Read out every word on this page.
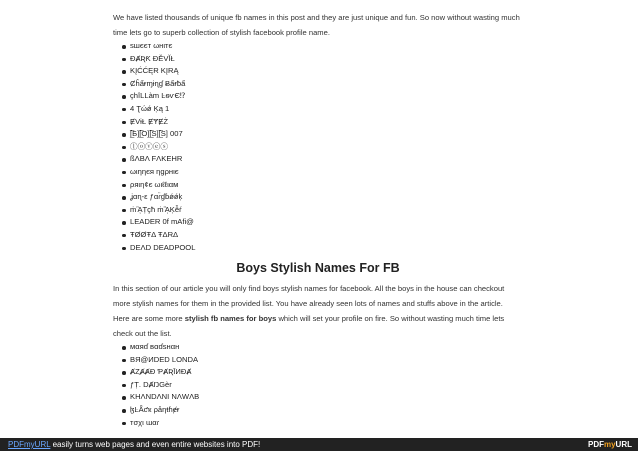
We have listed thousands of unique fb names in this post and they are just unique and fun. So now without wasting much time lets go to superb collection of stylish facebook profile name.

ѕшєєт ωнιтє
ĐȺƦƘ ĐĔVĬŁ
KĮĆĆĘR KĮRĄ
Ȼĥẩɍɱɨɳɠ Ƀẩɍƀẩ
çhîLLàm ĿѳѵЄ⁉
4 Ʈώǿ Ķą 1
ɆVɨŁ ɆɎɆŻ
[̲̅Б][̲̅O][̲̅S][̲̅S] 007
ⓛⓞⓥⓔⓢ
ßΛBΛ FΛKEHR
ωιηηєя ηgρнιє
ρяιη¢є ωιℓℓιαм
ʝαɳ-ε ƒαɾ̈ɠɓǿǿķ
ṁᾋȚçħ ṁᾋĶễŕ
LEADER 0f mAfi@
ŦØØŦΔ ŦΔRΔ
DEΛD DEADPOOL
Boys Stylish Names For FB

In this section of our article you will only find boys stylish names for facebook. All the boys in the house can checkout more stylish names for them in the provided list. You have already seen lots of names and stuffs above in the article.

Here are some more stylish fb names for boys which will set your profile on fire. So without wasting much time lets check out the list.

мαяɗ вαɗѕнαн
BЯ@ИDED LONDA
ȺȤȺȺĐ ƤȺƦĪИĐȺ
ƒȚ. DȺŊGèr
KHΛNDΛNI NΛWΛB
ɮĿǞƈҡ ρåηŧɦɇɍ
тσχι ɯαɾ
PDFmyURL easily turns web pages and even entire websites into PDF!	PDFmyURL
